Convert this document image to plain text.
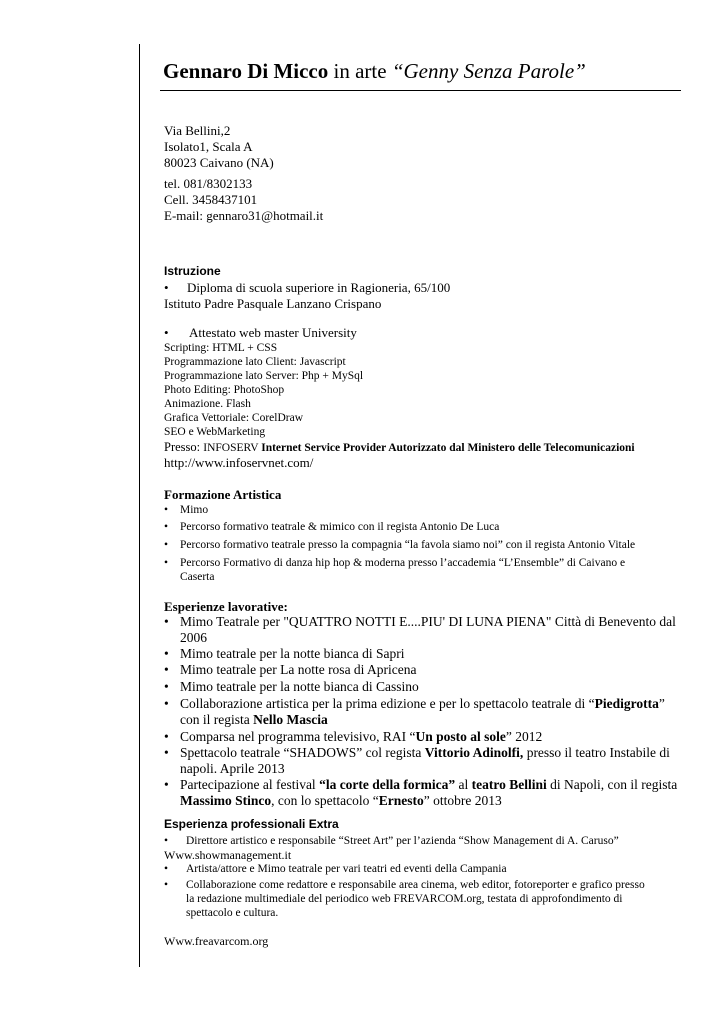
Gennaro Di Micco in arte “Genny Senza Parole”
Via Bellini,2
Isolato1, Scala A
80023 Caivano (NA)
tel. 081/8302133
Cell. 3458437101
E-mail: gennaro31@hotmail.it
Istruzione
• Diploma di scuola superiore in Ragioneria, 65/100
Istituto Padre Pasquale Lanzano Crispano
• Attestato web master University
Scripting: HTML + CSS
Programmazione lato Client: Javascript
Programmazione lato Server: Php + MySql
Photo Editing: PhotoShop
Animazione. Flash
Grafica Vettoriale: CorelDraw
SEO e WebMarketing
Presso: INFOSERV Internet Service Provider Autorizzato dal Ministero delle Telecomunicazioni
http://www.infoservnet.com/
Formazione Artistica
• Mimo
• Percorso formativo teatrale & mimico con il regista Antonio De Luca
• Percorso formativo teatrale presso la compagnia “la favola siamo noi” con il regista Antonio Vitale
• Percorso Formativo di danza hip hop & moderna presso l’accademia “L’Ensemble” di Caivano e
Caserta
Esperienze lavorative:
• Mimo Teatrale per "QUATTRO NOTTI E....PIU' DI LUNA PIENA" Città di Benevento dal
2006
• Mimo teatrale per la notte bianca di Sapri
• Mimo teatrale per La notte rosa di Apricena
• Mimo teatrale per la notte bianca di Cassino
• Collaborazione artistica per la prima edizione e per lo spettacolo teatrale di “Piedigrotta”
con il regista Nello Mascia
• Comparsa nel programma televisivo, RAI “Un posto al sole” 2012
• Spettacolo teatrale “SHADOWS” col regista Vittorio Adinolfi, presso il teatro Instabile di
napoli. Aprile 2013
• Partecipazione al festival “la corte della formica” al teatro Bellini di Napoli, con il regista
Massimo Stinco, con lo spettacolo “Ernesto” ottobre 2013
Esperienza professionali Extra
• Direttore artistico e responsabile “Street Art” per l’azienda “Show Management di A. Caruso”
Www.showmanagement.it
• Artista/attore e Mimo teatrale per vari teatri ed eventi della Campania
• Collaborazione come redattore e responsabile area cinema, web editor, fotoreporter e grafico presso
la redazione multimediale del periodico web FREVARCOM.org, testata di approfondimento di
spettacolo e cultura.
Www.freavarcom.org
